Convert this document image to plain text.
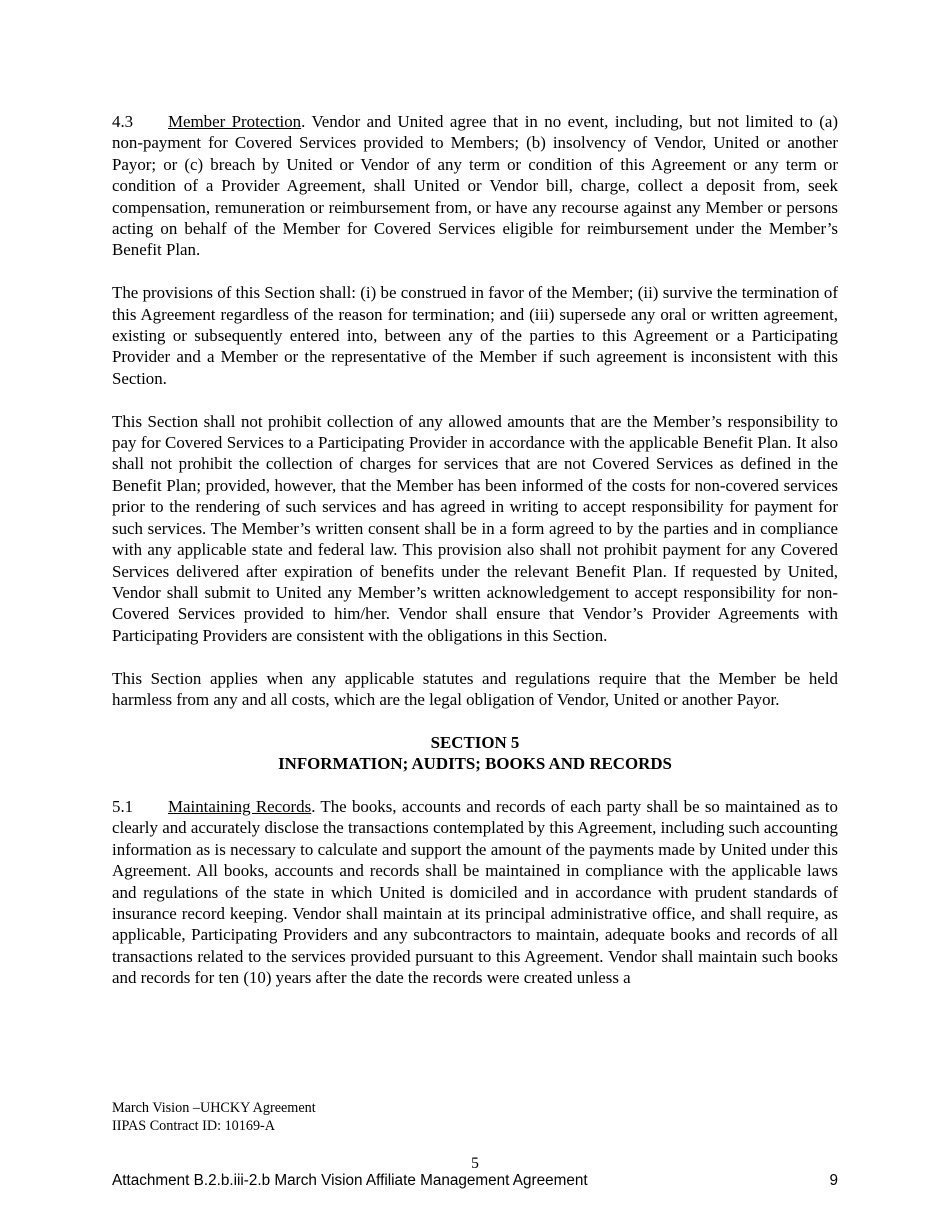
4.3 Member Protection. Vendor and United agree that in no event, including, but not limited to (a) non-payment for Covered Services provided to Members; (b) insolvency of Vendor, United or another Payor; or (c) breach by United or Vendor of any term or condition of this Agreement or any term or condition of a Provider Agreement, shall United or Vendor bill, charge, collect a deposit from, seek compensation, remuneration or reimbursement from, or have any recourse against any Member or persons acting on behalf of the Member for Covered Services eligible for reimbursement under the Member’s Benefit Plan.

The provisions of this Section shall: (i) be construed in favor of the Member; (ii) survive the termination of this Agreement regardless of the reason for termination; and (iii) supersede any oral or written agreement, existing or subsequently entered into, between any of the parties to this Agreement or a Participating Provider and a Member or the representative of the Member if such agreement is inconsistent with this Section.

This Section shall not prohibit collection of any allowed amounts that are the Member’s responsibility to pay for Covered Services to a Participating Provider in accordance with the applicable Benefit Plan. It also shall not prohibit the collection of charges for services that are not Covered Services as defined in the Benefit Plan; provided, however, that the Member has been informed of the costs for non-covered services prior to the rendering of such services and has agreed in writing to accept responsibility for payment for such services. The Member’s written consent shall be in a form agreed to by the parties and in compliance with any applicable state and federal law. This provision also shall not prohibit payment for any Covered Services delivered after expiration of benefits under the relevant Benefit Plan. If requested by United, Vendor shall submit to United any Member’s written acknowledgement to accept responsibility for non-Covered Services provided to him/her. Vendor shall ensure that Vendor’s Provider Agreements with Participating Providers are consistent with the obligations in this Section.

This Section applies when any applicable statutes and regulations require that the Member be held harmless from any and all costs, which are the legal obligation of Vendor, United or another Payor.

SECTION 5
INFORMATION; AUDITS; BOOKS AND RECORDS

5.1 Maintaining Records. The books, accounts and records of each party shall be so maintained as to clearly and accurately disclose the transactions contemplated by this Agreement, including such accounting information as is necessary to calculate and support the amount of the payments made by United under this Agreement. All books, accounts and records shall be maintained in compliance with the applicable laws and regulations of the state in which United is domiciled and in accordance with prudent standards of insurance record keeping. Vendor shall maintain at its principal administrative office, and shall require, as applicable, Participating Providers and any subcontractors to maintain, adequate books and records of all transactions related to the services provided pursuant to this Agreement. Vendor shall maintain such books and records for ten (10) years after the date the records were created unless a

March Vision –UHCKY Agreement
IIPAS Contract ID: 10169-A
5
Attachment B.2.b.iii-2.b March Vision Affiliate Management Agreement	9
